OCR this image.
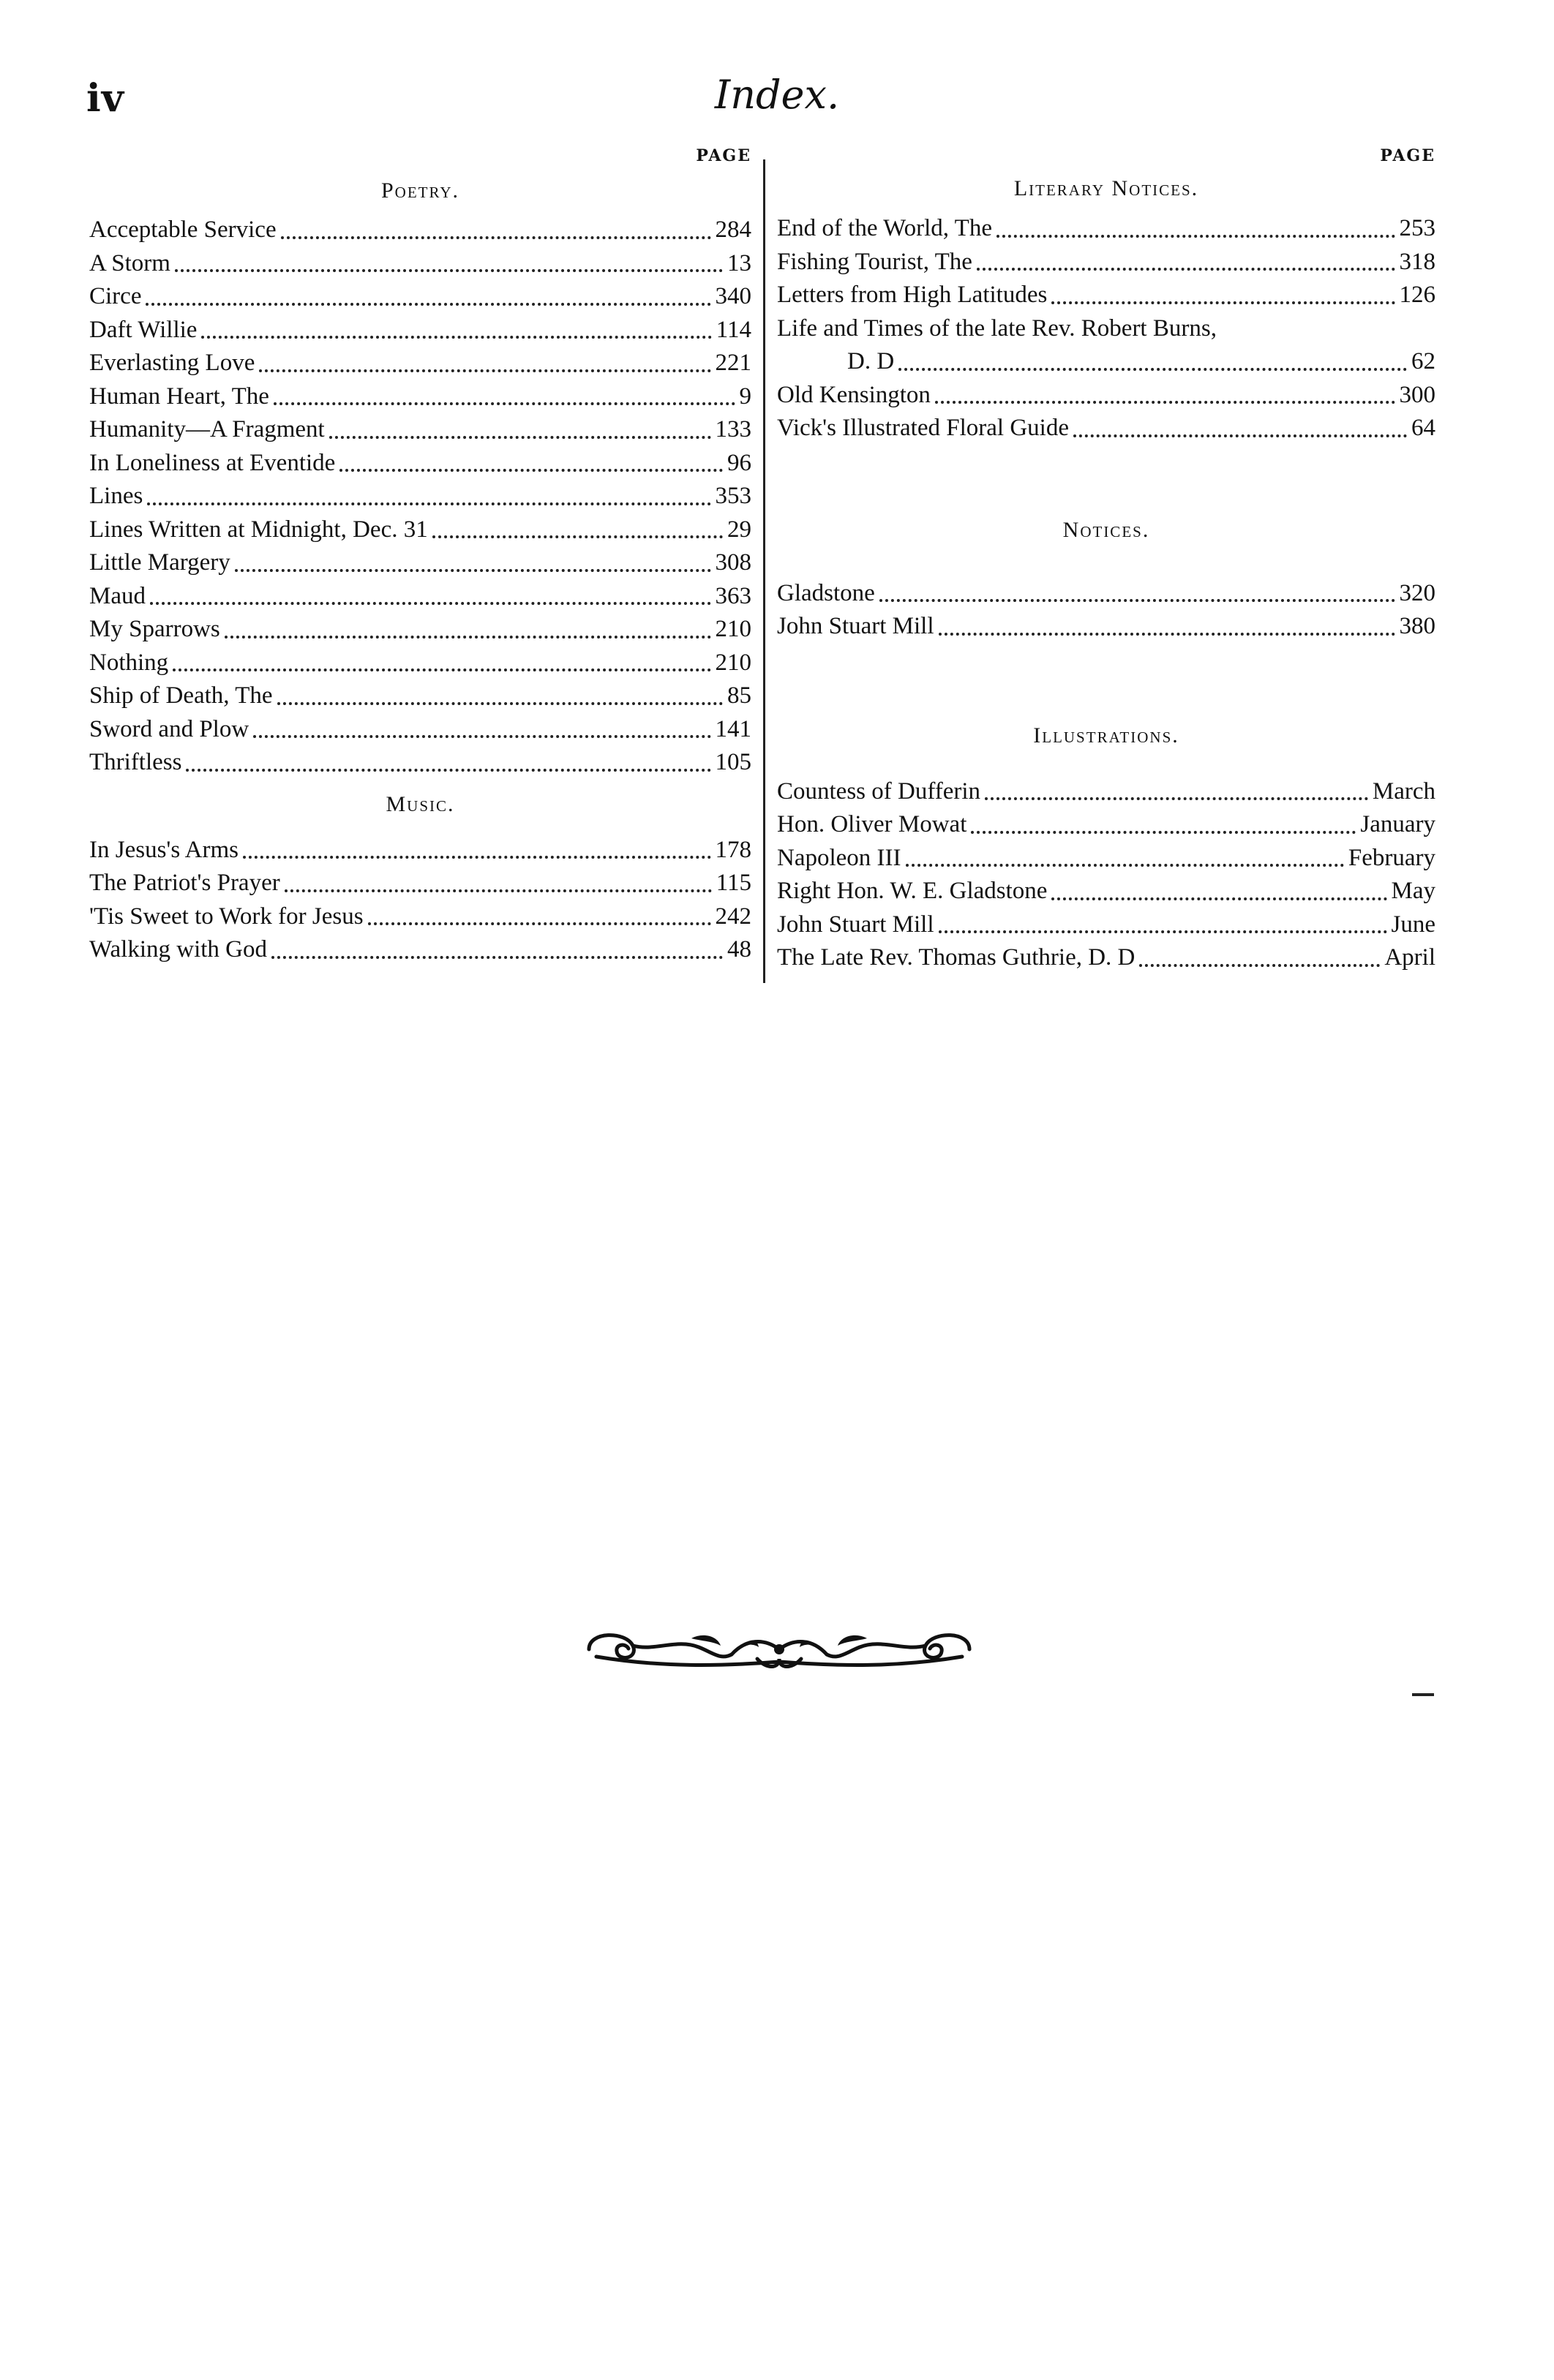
iv	Index.
PAGE
Poetry.
Acceptable Service	284
A Storm	13
Circe	340
Daft Willie	114
Everlasting Love	221
Human Heart, The	9
Humanity—A Fragment	133
In Loneliness at Eventide	96
Lines	353
Lines Written at Midnight, Dec. 31	29
Little Margery	308
Maud	363
My Sparrows	210
Nothing	210
Ship of Death, The	85
Sword and Plow	141
Thriftless	105
Music.
In Jesus's Arms	178
The Patriot's Prayer	115
'Tis Sweet to Work for Jesus	242
Walking with God	48
PAGE
Literary Notices.
End of the World, The	253
Fishing Tourist, The	318
Letters from High Latitudes	126
Life and Times of the late Rev. Robert Burns,
D. D	62
Old Kensington	300
Vick's Illustrated Floral Guide	64
Notices.
Gladstone	320
John Stuart Mill	380
Illustrations.
Countess of Dufferin	March
Hon. Oliver Mowat	January
Napoleon III	February
Right Hon. W. E. Gladstone	May
John Stuart Mill	June
The Late Rev. Thomas Guthrie, D. D	April
